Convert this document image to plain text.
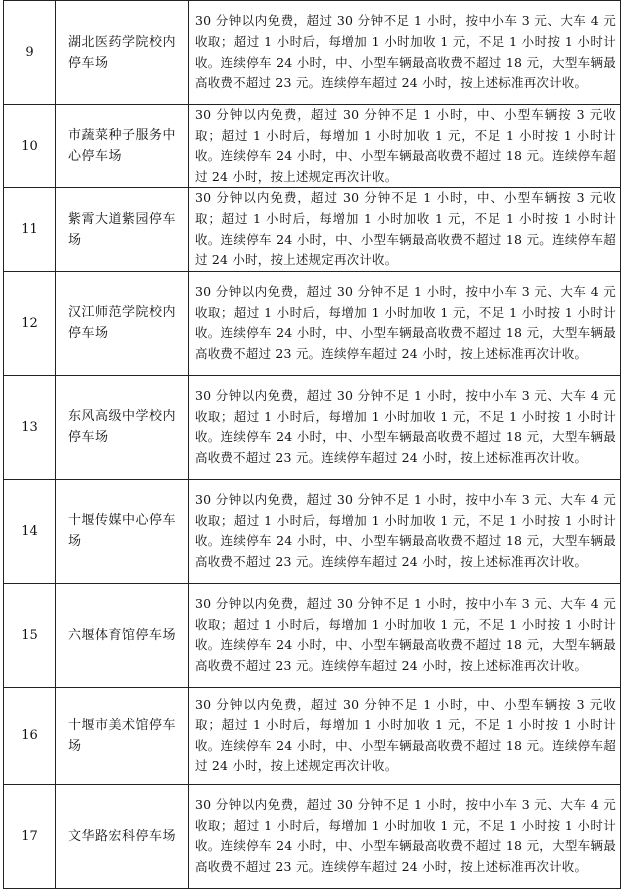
9	湖北医药学院校内停车场	30 分钟以内免费，超过 30 分钟不足 1 小时，按中小车 3 元、大车 4 元收取；超过 1 小时后，每增加 1 小时加收 1 元，不足 1 小时按 1 小时计收。连续停车 24 小时，中、小型车辆最高收费不超过 18 元，大型车辆最高收费不超过 23 元。连续停车超过 24 小时，按上述标准再次计收。
10	市蔬菜种子服务中心停车场	30 分钟以内免费，超过 30 分钟不足 1 小时，中、小型车辆按 3 元收取；超过 1 小时后，每增加 1 小时加收 1 元，不足 1 小时按 1 小时计收。连续停车 24 小时，中、小型车辆最高收费不超过 18 元。连续停车超过 24 小时，按上述规定再次计收。
11	紫霄大道紫园停车场	30 分钟以内免费，超过 30 分钟不足 1 小时，中、小型车辆按 3 元收取；超过 1 小时后，每增加 1 小时加收 1 元，不足 1 小时按 1 小时计收。连续停车 24 小时，中、小型车辆最高收费不超过 18 元。连续停车超过 24 小时，按上述规定再次计收。
12	汉江师范学院校内停车场	30 分钟以内免费，超过 30 分钟不足 1 小时，按中小车 3 元、大车 4 元收取；超过 1 小时后，每增加 1 小时加收 1 元，不足 1 小时按 1 小时计收。连续停车 24 小时，中、小型车辆最高收费不超过 18 元，大型车辆最高收费不超过 23 元。连续停车超过 24 小时，按上述标准再次计收。
13	东风高级中学校内停车场	30 分钟以内免费，超过 30 分钟不足 1 小时，按中小车 3 元、大车 4 元收取；超过 1 小时后，每增加 1 小时加收 1 元，不足 1 小时按 1 小时计收。连续停车 24 小时，中、小型车辆最高收费不超过 18 元，大型车辆最高收费不超过 23 元。连续停车超过 24 小时，按上述标准再次计收。
14	十堰传媒中心停车场	30 分钟以内免费，超过 30 分钟不足 1 小时，按中小车 3 元、大车 4 元收取；超过 1 小时后，每增加 1 小时加收 1 元，不足 1 小时按 1 小时计收。连续停车 24 小时，中、小型车辆最高收费不超过 18 元，大型车辆最高收费不超过 23 元。连续停车超过 24 小时，按上述标准再次计收。
15	六堰体育馆停车场	30 分钟以内免费，超过 30 分钟不足 1 小时，按中小车 3 元、大车 4 元收取；超过 1 小时后，每增加 1 小时加收 1 元，不足 1 小时按 1 小时计收。连续停车 24 小时，中、小型车辆最高收费不超过 18 元，大型车辆最高收费不超过 23 元。连续停车超过 24 小时，按上述标准再次计收。
16	十堰市美术馆停车场	30 分钟以内免费，超过 30 分钟不足 1 小时，中、小型车辆按 3 元收取；超过 1 小时后，每增加 1 小时加收 1 元，不足 1 小时按 1 小时计收。连续停车 24 小时，中、小型车辆最高收费不超过 18 元。连续停车超过 24 小时，按上述规定再次计收。
17	文华路宏科停车场	30 分钟以内免费，超过 30 分钟不足 1 小时，按中小车 3 元、大车 4 元收取；超过 1 小时后，每增加 1 小时加收 1 元，不足 1 小时按 1 小时计收。连续停车 24 小时，中、小型车辆最高收费不超过 18 元，大型车辆最高收费不超过 23 元。连续停车超过 24 小时，按上述标准再次计收。
